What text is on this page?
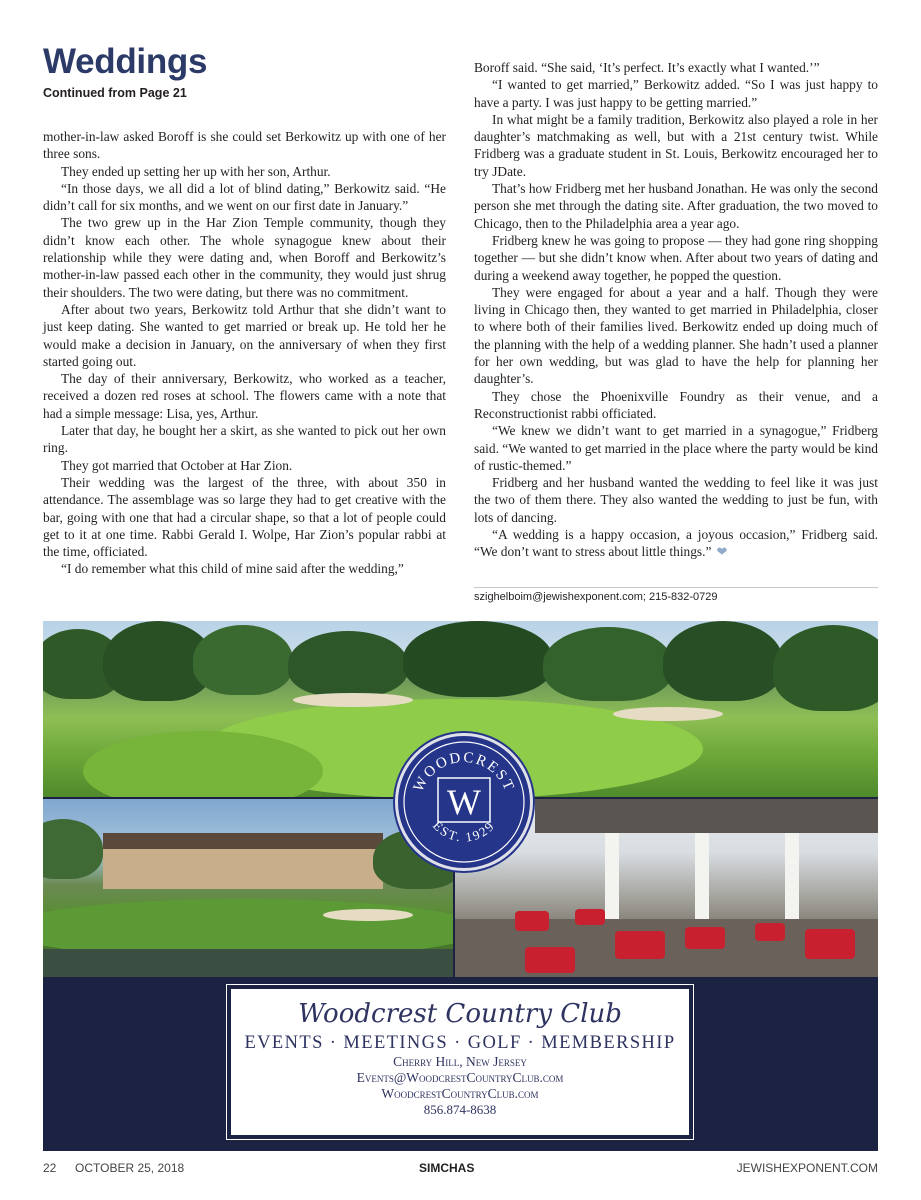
Weddings
Continued from Page 21

mother-in-law asked Boroff is she could set Berkowitz up with one of her three sons.

They ended up setting her up with her son, Arthur.

“In those days, we all did a lot of blind dating,” Berkowitz said. “He didn’t call for six months, and we went on our first date in January.”

The two grew up in the Har Zion Temple community, though they didn’t know each other. The whole synagogue knew about their relationship while they were dating and, when Boroff and Berkowitz’s mother-in-law passed each other in the community, they would just shrug their shoulders. The two were dating, but there was no commitment.

After about two years, Berkowitz told Arthur that she didn’t want to just keep dating. She wanted to get married or break up. He told her he would make a decision in January, on the anniversary of when they first started going out.

The day of their anniversary, Berkowitz, who worked as a teacher, received a dozen red roses at school. The flowers came with a note that had a simple message: Lisa, yes, Arthur.

Later that day, he bought her a skirt, as she wanted to pick out her own ring.

They got married that October at Har Zion.

Their wedding was the largest of the three, with about 350 in attendance. The assemblage was so large they had to get creative with the bar, going with one that had a circular shape, so that a lot of people could get to it at one time. Rabbi Gerald I. Wolpe, Har Zion’s popular rabbi at the time, officiated.

“I do remember what this child of mine said after the wedding,”

Boroff said. “She said, ‘It’s perfect. It’s exactly what I wanted.’”

“I wanted to get married,” Berkowitz added. “So I was just happy to have a party. I was just happy to be getting married.”

In what might be a family tradition, Berkowitz also played a role in her daughter’s matchmaking as well, but with a 21st century twist. While Fridberg was a graduate student in St. Louis, Berkowitz encouraged her to try JDate.

That’s how Fridberg met her husband Jonathan. He was only the second person she met through the dating site. After graduation, the two moved to Chicago, then to the Philadelphia area a year ago.

Fridberg knew he was going to propose — they had gone ring shopping together — but she didn’t know when. After about two years of dating and during a weekend away together, he popped the question.

They were engaged for about a year and a half. Though they were living in Chicago then, they wanted to get married in Philadelphia, closer to where both of their families lived. Berkowitz ended up doing much of the planning with the help of a wedding planner. She hadn’t used a planner for her own wedding, but was glad to have the help for planning her daughter’s.

They chose the Phoenixville Foundry as their venue, and a Reconstructionist rabbi officiated.

“We knew we didn’t want to get married in a synagogue,” Fridberg said. “We wanted to get married in the place where the party would be kind of rustic-themed.”

Fridberg and her husband wanted the wedding to feel like it was just the two of them there. They also wanted the wedding to just be fun, with lots of dancing.

“A wedding is a happy occasion, a joyous occasion,” Fridberg said. “We don’t want to stress about little things.” ❤

szighelboim@jewishexponent.com; 215-832-0729
WOODCREST
EST. 1929
W
Woodcrest Country Club
EVENTS · MEETINGS · GOLF · MEMBERSHIP
Cherry Hill, New Jersey
Events@WoodcrestCountryClub.com
WoodcrestCountryClub.com
856.874-8638
22 OCTOBER 25, 2018	SIMCHAS	JEWISHEXPONENT.COM
